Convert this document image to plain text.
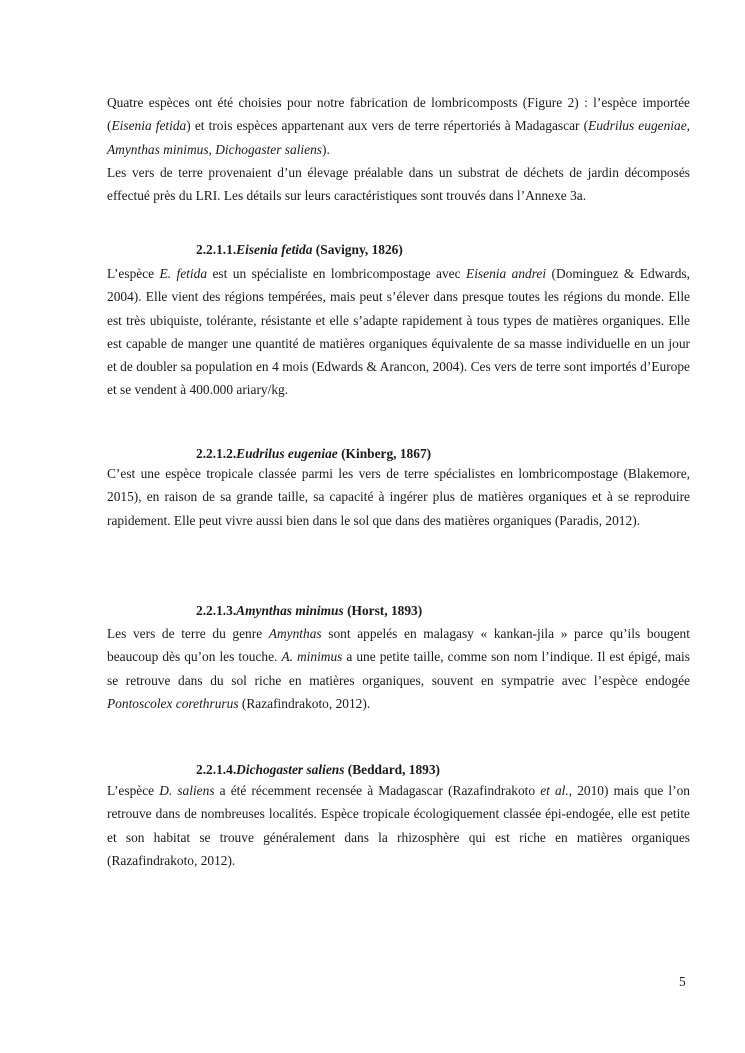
Quatre espèces ont été choisies pour notre fabrication de lombricomposts (Figure 2) : l’espèce importée (Eisenia fetida) et trois espèces appartenant aux vers de terre répertoriés à Madagascar (Eudrilus eugeniae, Amynthas minimus, Dichogaster saliens).

Les vers de terre provenaient d’un élevage préalable dans un substrat de déchets de jardin décomposés effectué près du LRI. Les détails sur leurs caractéristiques sont trouvés dans l’Annexe 3a.

2.2.1.1.Eisenia fetida (Savigny, 1826)

L’espèce E. fetida est un spécialiste en lombricompostage avec Eisenia andrei (Dominguez & Edwards, 2004). Elle vient des régions tempérées, mais peut s’élever dans presque toutes les régions du monde. Elle est très ubiquiste, tolérante, résistante et elle s’adapte rapidement à tous types de matières organiques. Elle est capable de manger une quantité de matières organiques équivalente de sa masse individuelle en un jour et de doubler sa population en 4 mois (Edwards & Arancon, 2004). Ces vers de terre sont importés d’Europe et se vendent à 400.000 ariary/kg.

2.2.1.2.Eudrilus eugeniae (Kinberg, 1867)

C’est une espèce tropicale classée parmi les vers de terre spécialistes en lombricompostage (Blakemore, 2015), en raison de sa grande taille, sa capacité à ingérer plus de matières organiques et à se reproduire rapidement. Elle peut vivre aussi bien dans le sol que dans des matières organiques (Paradis, 2012).

2.2.1.3.Amynthas minimus (Horst, 1893)

Les vers de terre du genre Amynthas sont appelés en malagasy « kankan-jila » parce qu’ils bougent beaucoup dès qu’on les touche. A. minimus a une petite taille, comme son nom l’indique. Il est épigé, mais se retrouve dans du sol riche en matières organiques, souvent en sympatrie avec l’espèce endogée Pontoscolex corethrurus (Razafindrakoto, 2012).

2.2.1.4.Dichogaster saliens (Beddard, 1893)

L’espèce D. saliens a été récemment recensée à Madagascar (Razafindrakoto et al., 2010) mais que l’on retrouve dans de nombreuses localités. Espèce tropicale écologiquement classée épi-endogée, elle est petite et son habitat se trouve généralement dans la rhizosphère qui est riche en matières organiques (Razafindrakoto, 2012).

5
